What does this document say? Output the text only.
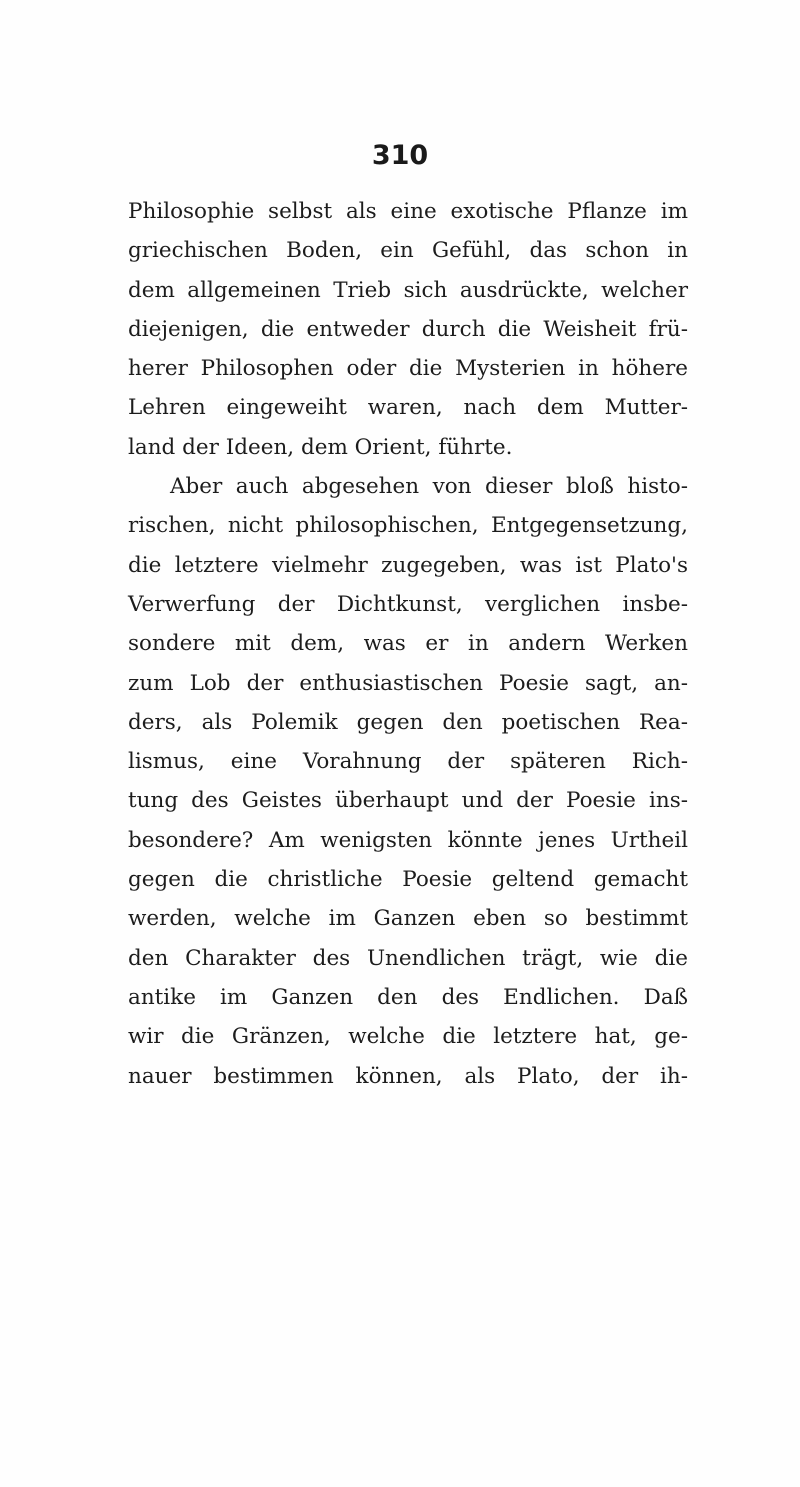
310
Philosophie selbst als eine exotische Pflanze im
griechischen Boden, ein Gefühl, das schon in
dem allgemeinen Trieb sich ausdrückte, welcher
diejenigen, die entweder durch die Weisheit frü-
herer Philosophen oder die Mysterien in höhere
Lehren eingeweiht waren, nach dem Mutter-
land der Ideen, dem Orient, führte.
Aber auch abgesehen von dieser bloß histo-
rischen, nicht philosophischen, Entgegensetzung,
die letztere vielmehr zugegeben, was ist Plato's
Verwerfung der Dichtkunst, verglichen insbe-
sondere mit dem, was er in andern Werken
zum Lob der enthusiastischen Poesie sagt, an-
ders, als Polemik gegen den poetischen Rea-
lismus, eine Vorahnung der späteren Rich-
tung des Geistes überhaupt und der Poesie ins-
besondere? Am wenigsten könnte jenes Urtheil
gegen die christliche Poesie geltend gemacht
werden, welche im Ganzen eben so bestimmt
den Charakter des Unendlichen trägt, wie die
antike im Ganzen den des Endlichen. Daß
wir die Gränzen, welche die letztere hat, ge-
nauer bestimmen können, als Plato, der ih-
